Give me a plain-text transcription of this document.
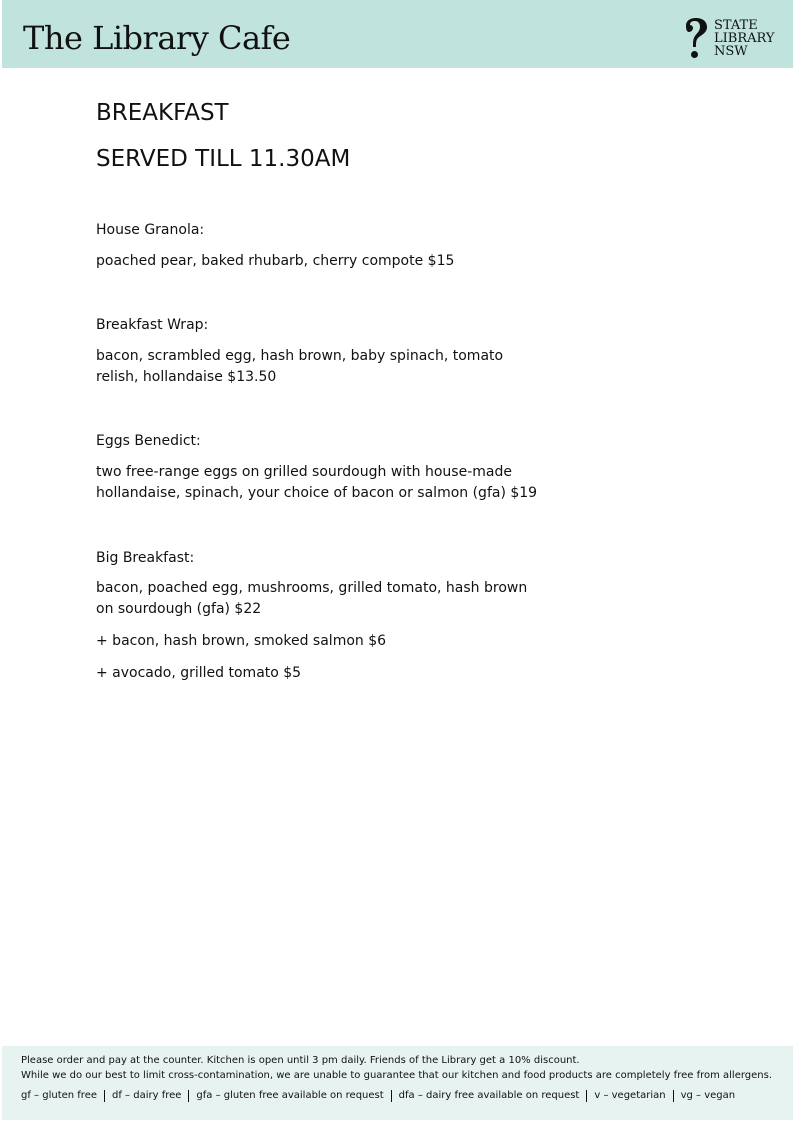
The Library Cafe	STATE
LIBRARY
NSW
BREAKFAST
SERVED TILL 11.30AM
House Granola:
poached pear, baked rhubarb, cherry compote $15
Breakfast Wrap:
bacon, scrambled egg, hash brown, baby spinach, tomato relish, hollandaise $13.50
Eggs Benedict:
two free-range eggs on grilled sourdough with house-made hollandaise, spinach, your choice of bacon or salmon (gfa) $19
Big Breakfast:
bacon, poached egg, mushrooms, grilled tomato, hash brown on sourdough (gfa) $22
+ bacon, hash brown, smoked salmon $6
+ avocado, grilled tomato $5
Please order and pay at the counter. Kitchen is open until 3 pm daily. Friends of the Library get a 10% discount.
While we do our best to limit cross-contamination, we are unable to guarantee that our kitchen and food products are completely free from allergens.
gf – gluten free df – dairy free gfa – gluten free available on request dfa – dairy free available on request v – vegetarian vg – vegan
